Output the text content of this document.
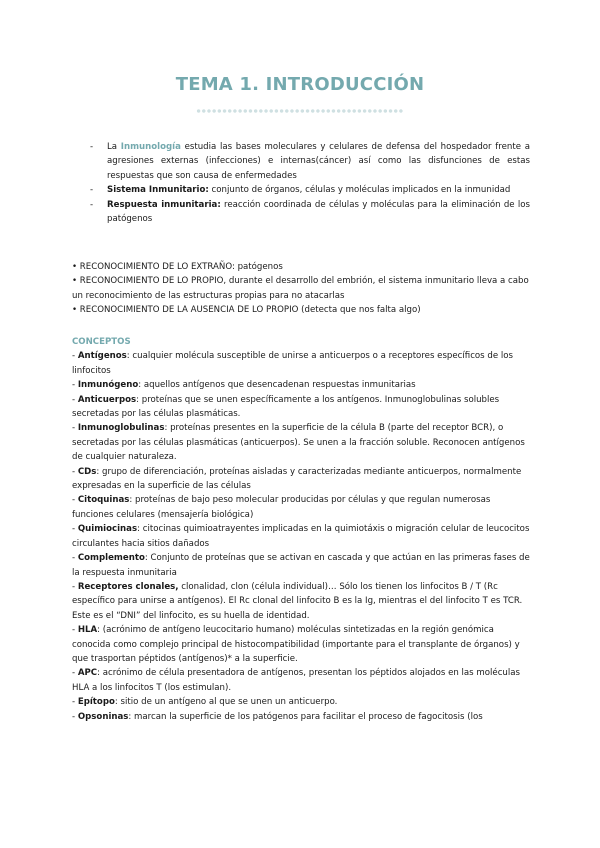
TEMA 1. INTRODUCCIÓN
- La Inmunología estudia las bases moleculares y celulares de defensa del hospedador frente a agresiones externas (infecciones) e internas(cáncer) así como las disfunciones de estas respuestas que son causa de enfermedades
- Sistema Inmunitario: conjunto de órganos, células y moléculas implicados en la inmunidad
- Respuesta inmunitaria: reacción coordinada de células y moléculas para la eliminación de los patógenos

• RECONOCIMIENTO DE LO EXTRAÑO: patógenos

• RECONOCIMIENTO DE LO PROPIO, durante el desarrollo del embrión, el sistema inmunitario lleva a cabo un reconocimiento de las estructuras propias para no atacarlas

• RECONOCIMIENTO DE LA AUSENCIA DE LO PROPIO (detecta que nos falta algo)

CONCEPTOS
- Antígenos: cualquier molécula susceptible de unirse a anticuerpos o a receptores específicos de los linfocitos
- Inmunógeno: aquellos antígenos que desencadenan respuestas inmunitarias
- Anticuerpos: proteínas que se unen específicamente a los antígenos. Inmunoglobulinas solubles secretadas por las células plasmáticas.
- Inmunoglobulinas: proteínas presentes en la superficie de la célula B (parte del receptor BCR), o secretadas por las células plasmáticas (anticuerpos). Se unen a la fracción soluble. Reconocen antígenos de cualquier naturaleza.
- CDs: grupo de diferenciación, proteínas aisladas y caracterizadas mediante anticuerpos, normalmente expresadas en la superficie de las células
- Citoquinas: proteínas de bajo peso molecular producidas por células y que regulan numerosas funciones celulares (mensajería biológica)
- Quimiocinas: citocinas quimioatrayentes implicadas en la quimiotáxis o migración celular de leucocitos circulantes hacia sitios dañados
- Complemento: Conjunto de proteínas que se activan en cascada y que actúan en las primeras fases de la respuesta inmunitaria
- Receptores clonales, clonalidad, clon (célula individual)… Sólo los tienen los linfocitos B / T (Rc específico para unirse a antígenos). El Rc clonal del linfocito B es la Ig, mientras el del linfocito T es TCR. Este es el “DNI” del linfocito, es su huella de identidad.
- HLA: (acrónimo de antígeno leucocitario humano) moléculas sintetizadas en la región genómica conocida como complejo principal de histocompatibilidad (importante para el transplante de órganos) y que trasportan péptidos (antígenos)* a la superficie.
- APC: acrónimo de célula presentadora de antígenos, presentan los péptidos alojados en las moléculas HLA a los linfocitos T (los estimulan).
- Epítopo: sitio de un antígeno al que se unen un anticuerpo.
- Opsoninas: marcan la superficie de los patógenos para facilitar el proceso de fagocitosis (los
